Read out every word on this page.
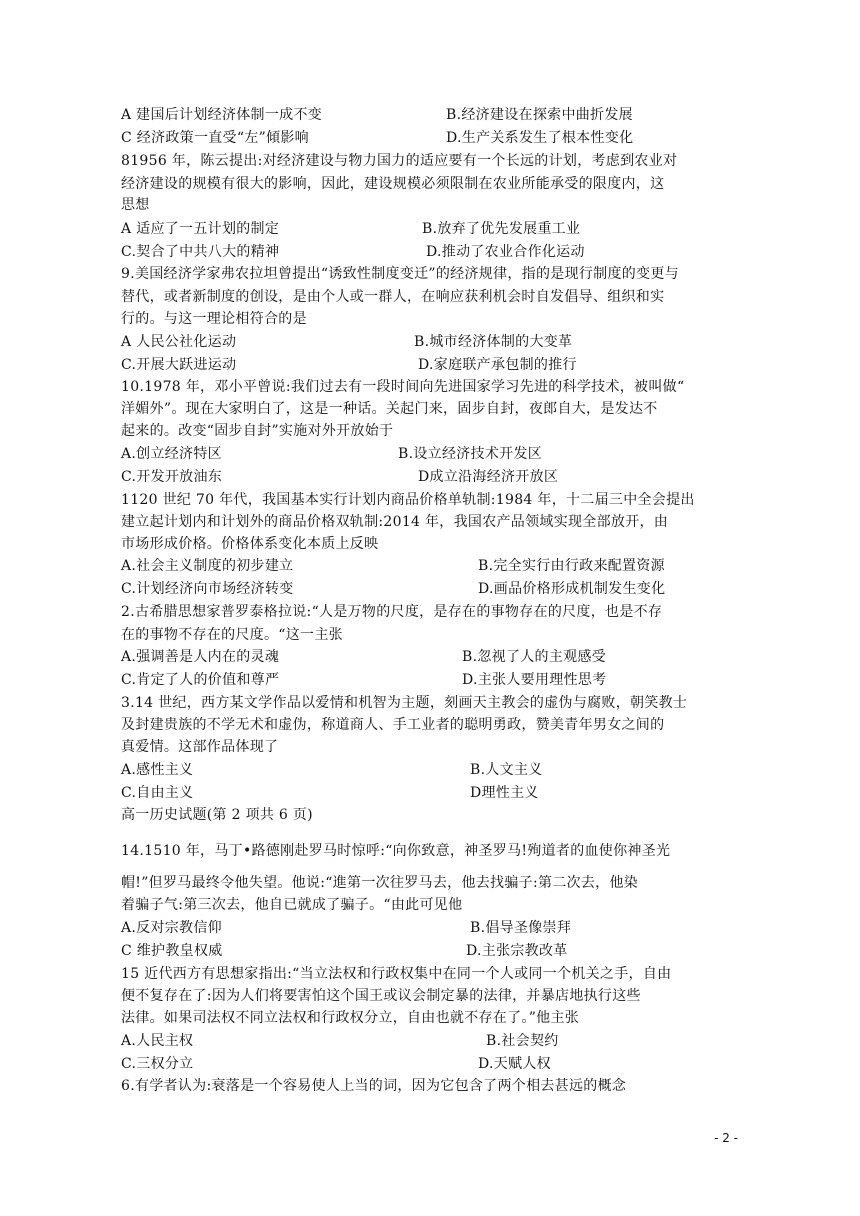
A 建国后计划经济体制一成不变	B.经济建设在探索中曲折发展
C 经济政策一直受“左”傾影响	D.生产关系发生了根本性变化
81956 年，陈云提出:对经济建设与物力国力的适应要有一个长远的计划，考虑到农业对
经济建设的规模有很大的影响，因此，建设规模必须限制在农业所能承受的限度内，这
思想
A 适应了一五计划的制定	B.放弃了优先发展重工业
C.契合了中共八大的精神	D.推动了农业合作化运动
9.美国经济学家弗农拉坦曾提出“诱致性制度变迁”的经济规律，指的是现行制度的变更与
替代，或者新制度的创设，是由个人或一群人，在响应获利机会时自发倡导、组织和实
行的。与这一理论相符合的是
A 人民公社化运动	B.城市经济体制的大变革
C.开展大跃进运动	D.家庭联产承包制的推行
10.1978 年，邓小平曾说:我们过去有一段时间向先进国家学习先进的科学技术，被叫做“
洋媚外”。现在大家明白了，这是一种话。关起门来，固步自封，夜郎自大，是发达不
起来的。改变“固步自封”实施对外开放始于
A.创立经济特区	B.设立经济技术开发区
C.开发开放油东	D成立沿海经济开放区
1120 世纪 70 年代，我国基本实行计划内商品价格单轨制:1984 年，十二届三中全会提出
建立起计划内和计划外的商品价格双轨制:2014 年，我国农产品领域实现全部放开，由
市场形成价格。价格体系变化本质上反映
A.社会主义制度的初步建立	B.完全实行由行政来配置资源
C.计划经济向市场经济转变	D.画品价格形成机制发生变化
2.古希腊思想家普罗泰格拉说:“人是万物的尺度，是存在的事物存在的尺度，也是不存
在的事物不存在的尺度。“这一主张
A.强调善是人内在的灵魂	B.忽视了人的主观感受
C.肯定了人的价值和尊严	D.主张人要用理性思考
3.14 世纪，西方某文学作品以爱情和机智为主题，刻画天主教会的虚伪与腐败，朝笑教士
及封建贵族的不学无术和虚伪，称道商人、手工业者的聪明勇政，赞美青年男女之间的
真爱情。这部作品体现了
A.感性主义	B.人文主义
C.自由主义	D理性主义
高一历史试题(第 2 项共 6 页)
14.1510 年，马丁•路德刚赴罗马时惊呼:“向你致意，神圣罗马!殉道者的血使你神圣光
帽!”但罗马最终令他失望。他说:“進第一次往罗马去，他去找骗子:第二次去，他染
着骗子气:第三次去，他自已就成了骗子。“由此可见他
A.反对宗教信仰	B.倡导圣像崇拜
C 维护教皇权威	D.主张宗教改革
15 近代西方有思想家指出:“当立法权和行政权集中在同一个人或同一个机关之手，自由
便不复存在了:因为人们将要害怕这个国王或议会制定暴的法律，并暴店地执行这些
法律。如果司法权不同立法权和行政权分立，自由也就不存在了。”他主张
A.人民主权	B.社会契约
C.三权分立	D.天赋人权
6.有学者认为:衰落是一个容易使人上当的词，因为它包含了两个相去甚远的概念
- 2 -
